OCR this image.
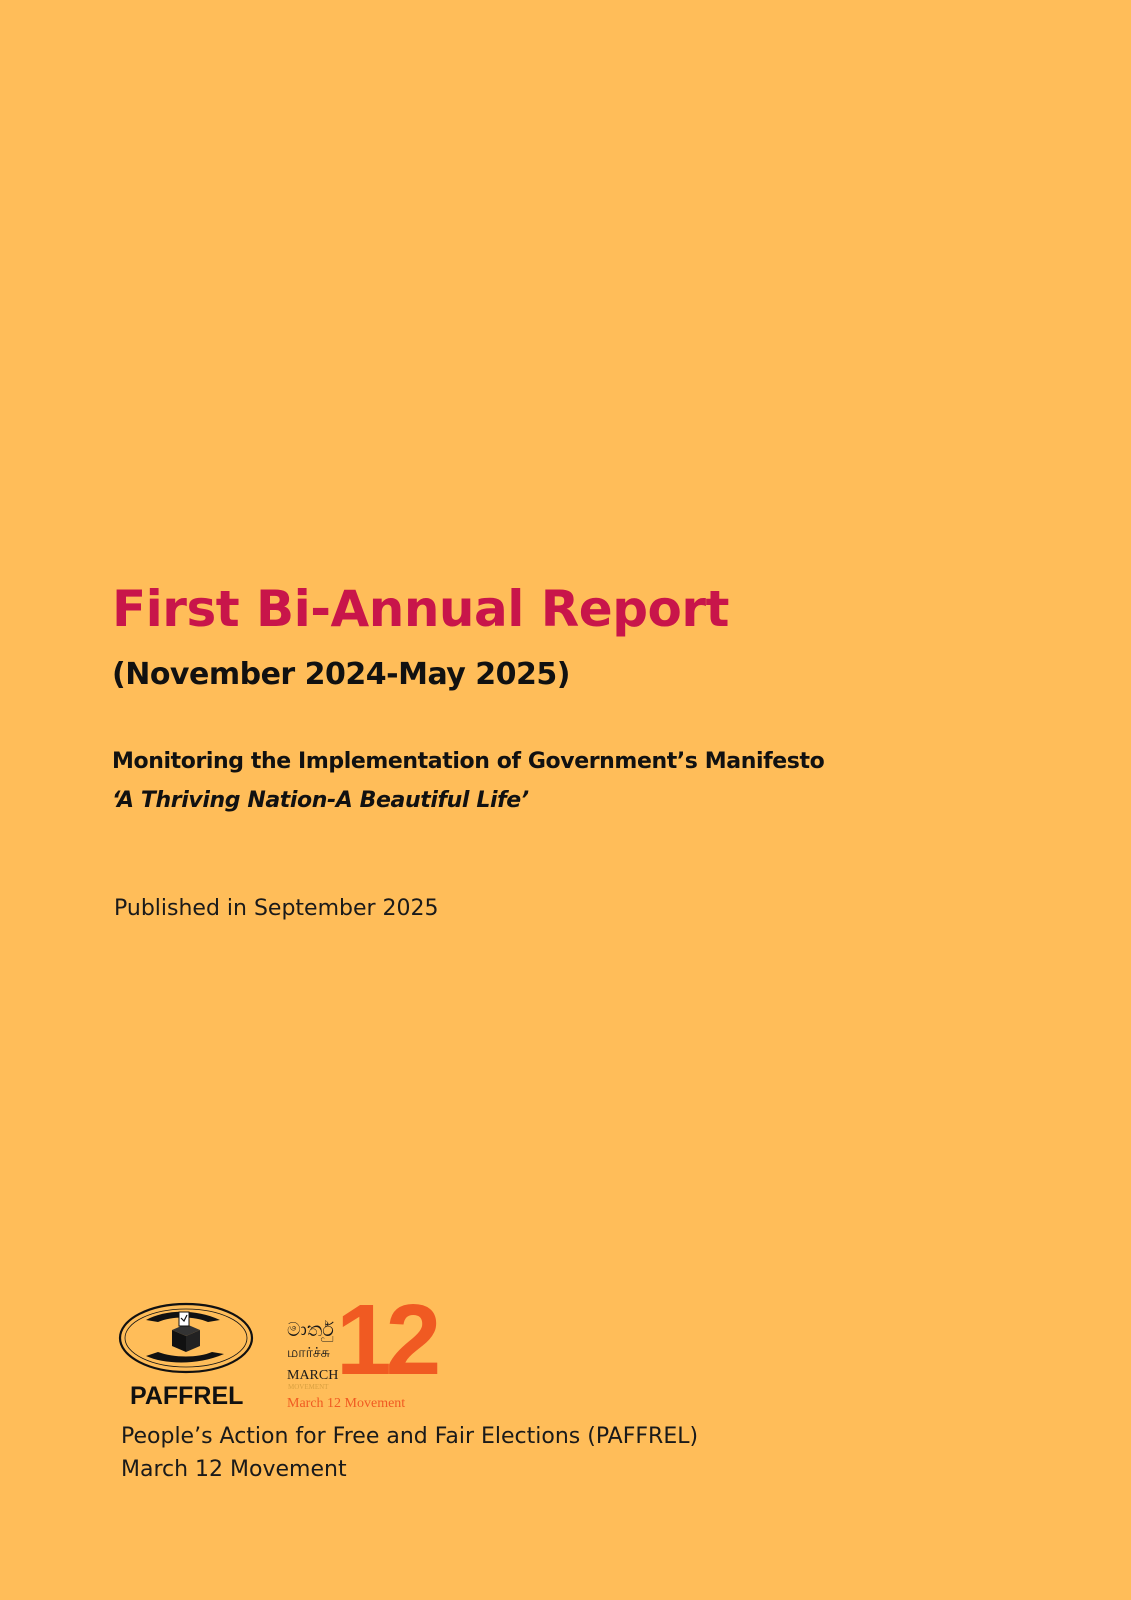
First Bi-Annual Report
(November 2024-May 2025)

Monitoring the Implementation of Government’s Manifesto

‘A Thriving Nation-A Beautiful Life’

Published in September 2025

PAFFREL 12
මාර්තු
மார்ச்சு
MARCH
MOVEMENT
March 12 Movement
People’s Action for Free and Fair Elections (PAFFREL)
March 12 Movement
